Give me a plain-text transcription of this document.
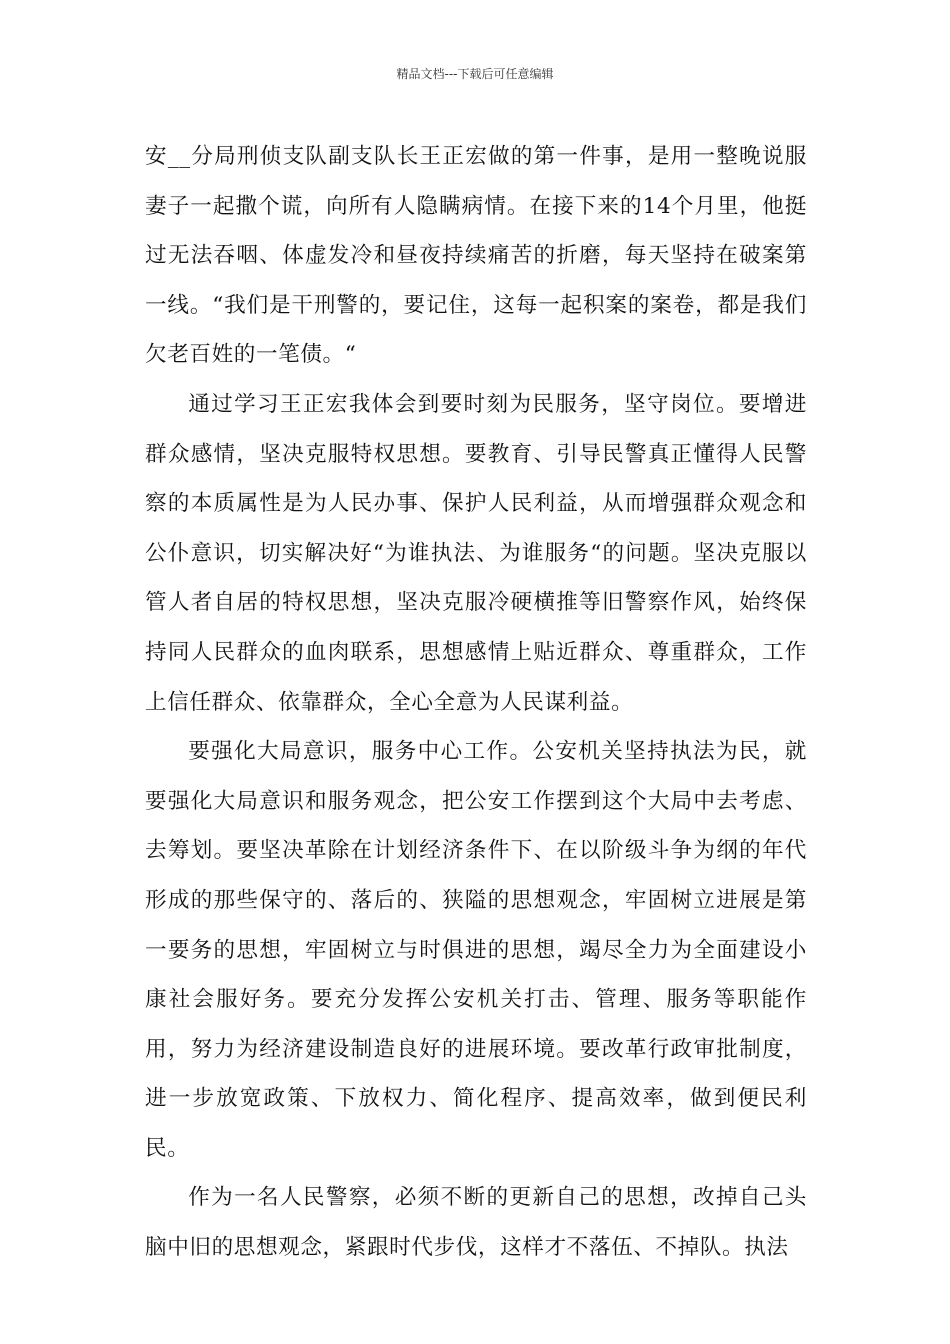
精品文档---下载后可任意编辑

安__分局刑侦支队副支队长王正宏做的第一件事，是用一整晚说服妻子一起撒个谎，向所有人隐瞒病情。在接下来的14个月里，他挺过无法吞咽、体虚发冷和昼夜持续痛苦的折磨，每天坚持在破案第一线。“我们是干刑警的，要记住，这每一起积案的案卷，都是我们欠老百姓的一笔债。“

通过学习王正宏我体会到要时刻为民服务，坚守岗位。要增进群众感情，坚决克服特权思想。要教育、引导民警真正懂得人民警察的本质属性是为人民办事、保护人民利益，从而增强群众观念和公仆意识，切实解决好“为谁执法、为谁服务“的问题。坚决克服以管人者自居的特权思想，坚决克服冷硬横推等旧警察作风，始终保持同人民群众的血肉联系，思想感情上贴近群众、尊重群众，工作上信任群众、依靠群众，全心全意为人民谋利益。

要强化大局意识，服务中心工作。公安机关坚持执法为民，就要强化大局意识和服务观念，把公安工作摆到这个大局中去考虑、去筹划。要坚决革除在计划经济条件下、在以阶级斗争为纲的年代形成的那些保守的、落后的、狭隘的思想观念，牢固树立进展是第一要务的思想，牢固树立与时俱进的思想，竭尽全力为全面建设小康社会服好务。要充分发挥公安机关打击、管理、服务等职能作用，努力为经济建设制造良好的进展环境。要改革行政审批制度，进一步放宽政策、下放权力、简化程序、提高效率，做到便民利民。

作为一名人民警察，必须不断的更新自己的思想，改掉自己头脑中旧的思想观念，紧跟时代步伐，这样才不落伍、不掉队。执法
